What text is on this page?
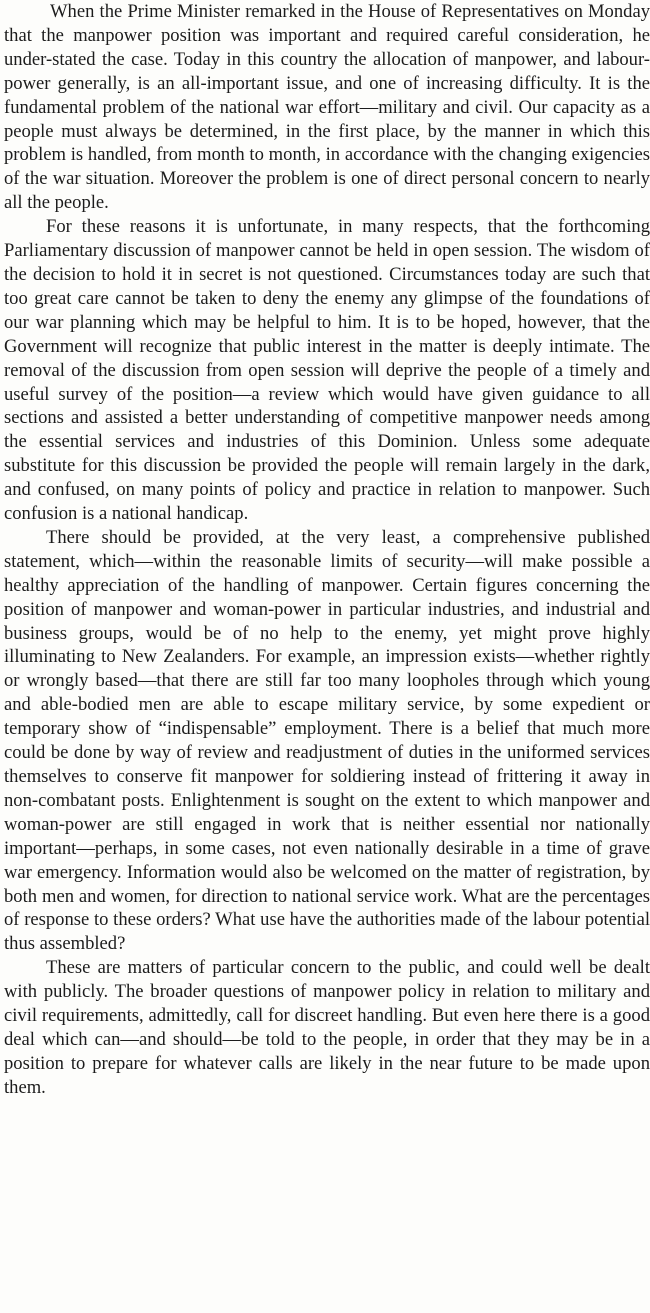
When the Prime Minister remarked in the House of Representatives on Monday that the manpower position was important and required careful consideration, he under-stated the case. Today in this country the allocation of manpower, and labour-power generally, is an all-important issue, and one of increasing difficulty. It is the fundamental problem of the national war effort—military and civil. Our capacity as a people must always be determined, in the first place, by the manner in which this problem is handled, from month to month, in accordance with the changing exigencies of the war situation. Moreover the problem is one of direct personal concern to nearly all the people.

For these reasons it is unfortunate, in many respects, that the forthcoming Parliamentary discussion of manpower cannot be held in open session. The wisdom of the decision to hold it in secret is not questioned. Circumstances today are such that too great care cannot be taken to deny the enemy any glimpse of the foundations of our war planning which may be helpful to him. It is to be hoped, however, that the Government will recognize that public interest in the matter is deeply intimate. The removal of the discussion from open session will deprive the people of a timely and useful survey of the position—a review which would have given guidance to all sections and assisted a better understanding of competitive manpower needs among the essential services and industries of this Dominion. Unless some adequate substitute for this discussion be provided the people will remain largely in the dark, and confused, on many points of policy and practice in relation to manpower. Such confusion is a national handicap.

There should be provided, at the very least, a comprehensive published statement, which—within the reasonable limits of security—will make possible a healthy appreciation of the handling of manpower. Certain figures concerning the position of manpower and woman-power in particular industries, and industrial and business groups, would be of no help to the enemy, yet might prove highly illuminating to New Zealanders. For example, an impression exists—whether rightly or wrongly based—that there are still far too many loopholes through which young and able-bodied men are able to escape military service, by some expedient or temporary show of “indispensable” employment. There is a belief that much more could be done by way of review and readjustment of duties in the uniformed services themselves to conserve fit manpower for soldiering instead of frittering it away in non-combatant posts. Enlightenment is sought on the extent to which manpower and woman-power are still engaged in work that is neither essential nor nationally important—perhaps, in some cases, not even nationally desirable in a time of grave war emergency. Information would also be welcomed on the matter of registration, by both men and women, for direction to national service work. What are the percentages of response to these orders? What use have the authorities made of the labour potential thus assembled?

These are matters of particular concern to the public, and could well be dealt with publicly. The broader questions of manpower policy in relation to military and civil requirements, admittedly, call for discreet handling. But even here there is a good deal which can—and should—be told to the people, in order that they may be in a position to prepare for whatever calls are likely in the near future to be made upon them.
